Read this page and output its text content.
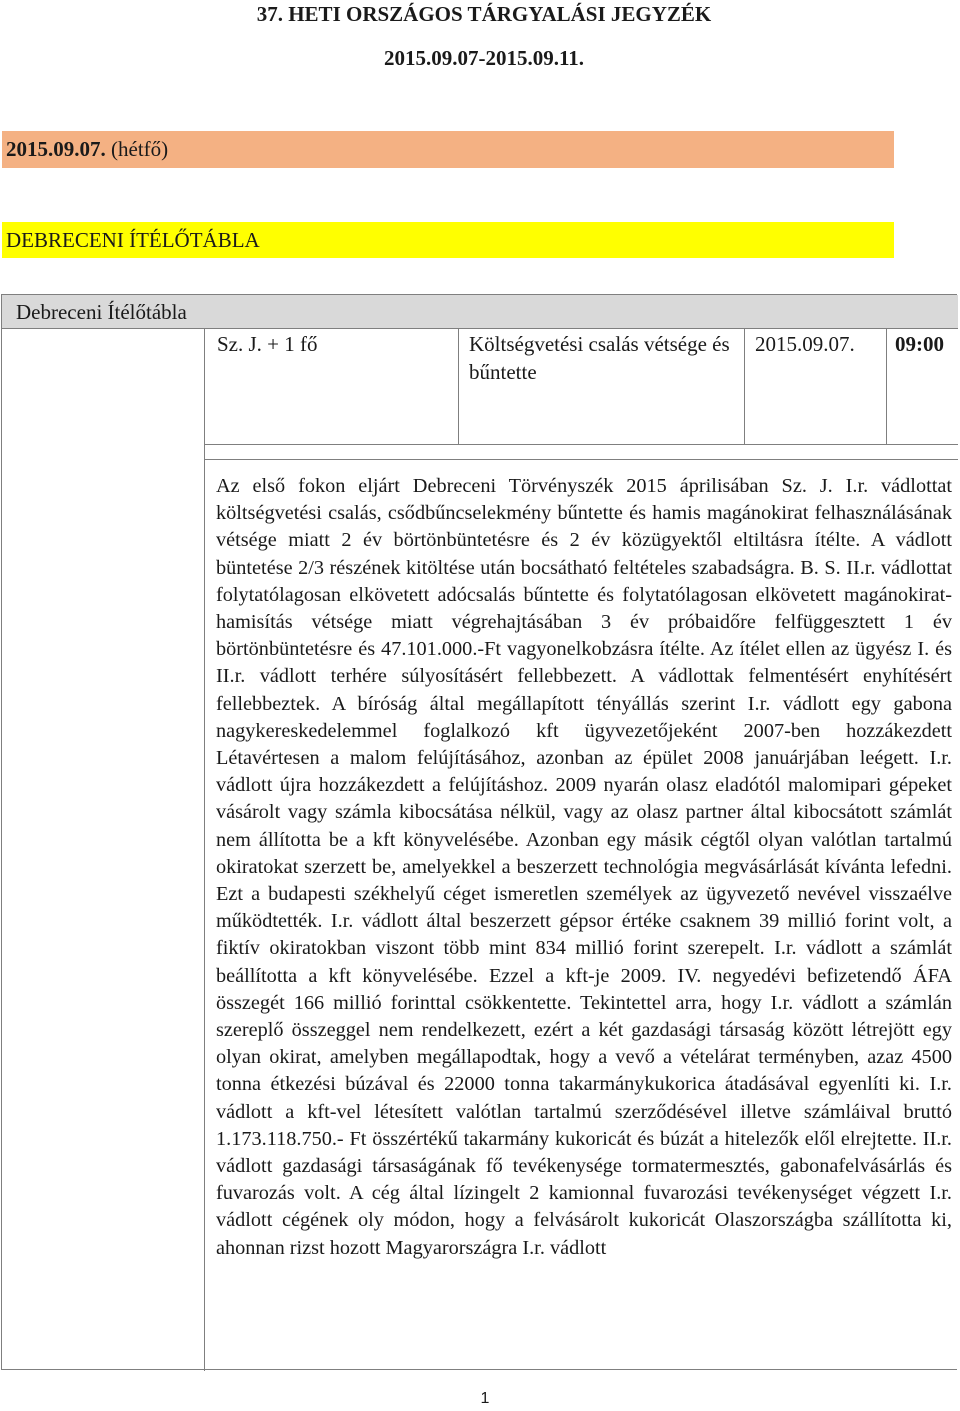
37. HETI ORSZÁGOS TÁRGYALÁSI JEGYZÉK
2015.09.07-2015.09.11.
2015.09.07. (hétfő)
DEBRECENI ÍTÉLŐTÁBLA
Debreceni Ítélőtábla
Sz. J. + 1 fő	Költségvetési csalás vétsége és bűntette
2015.09.07.	09:00

Az első fokon eljárt Debreceni Törvényszék 2015 áprilisában Sz. J. I.r. vádlottat költségvetési csalás, csődbűncselekmény bűntette és hamis magánokirat felhasználásának vétsége miatt 2 év börtönbüntetésre és 2 év közügyektől eltiltásra ítélte. A vádlott büntetése 2/3 részének kitöltése után bocsátható feltételes szabadságra. B. S. II.r. vádlottat folytatólagosan elkövetett adócsalás bűntette és folytatólagosan elkövetett magánokirat-hamisítás vétsége miatt végrehajtásában 3 év próbaidőre felfüggesztett 1 év börtönbüntetésre és 47.101.000.-Ft vagyonelkobzásra ítélte. Az ítélet ellen az ügyész I. és II.r. vádlott terhére súlyosításért fellebbezett. A vádlottak felmentésért enyhítésért fellebbeztek. A bíróság által megállapított tényállás szerint I.r. vádlott egy gabona nagykereskedelemmel foglalkozó kft ügyvezetőjeként 2007-ben hozzákezdett Létavértesen a malom felújításához, azonban az épület 2008 januárjában leégett. I.r. vádlott újra hozzákezdett a felújításhoz. 2009 nyarán olasz eladótól malomipari gépeket vásárolt vagy számla kibocsátása nélkül, vagy az olasz partner által kibocsátott számlát nem állította be a kft könyvelésébe. Azonban egy másik cégtől olyan valótlan tartalmú okiratokat szerzett be, amelyekkel a beszerzett technológia megvásárlását kívánta lefedni. Ezt a budapesti székhelyű céget ismeretlen személyek az ügyvezető nevével visszaélve működtették. I.r. vádlott által beszerzett gépsor értéke csaknem 39 millió forint volt, a fiktív okiratokban viszont több mint 834 millió forint szerepelt. I.r. vádlott a számlát beállította a kft könyvelésébe. Ezzel a kft-je 2009. IV. negyedévi befizetendő ÁFA összegét 166 millió forinttal csökkentette. Tekintettel arra, hogy I.r. vádlott a számlán szereplő összeggel nem rendelkezett, ezért a két gazdasági társaság között létrejött egy olyan okirat, amelyben megállapodtak, hogy a vevő a vételárat terményben, azaz 4500 tonna étkezési búzával és 22000 tonna takarmánykukorica átadásával egyenlíti ki. I.r. vádlott a kft-vel létesített valótlan tartalmú szerződésével illetve számláival bruttó 1.173.118.750.- Ft összértékű takarmány kukoricát és búzát a hitelezők elől elrejtette. II.r. vádlott gazdasági társaságának fő tevékenysége tormatermesztés, gabonafelvásárlás és fuvarozás volt. A cég által lízingelt 2 kamionnal fuvarozási tevékenységet végzett I.r. vádlott cégének oly módon, hogy a felvásárolt kukoricát Olaszországba szállította ki, ahonnan rizst hozott Magyarországra I.r. vádlott

1
